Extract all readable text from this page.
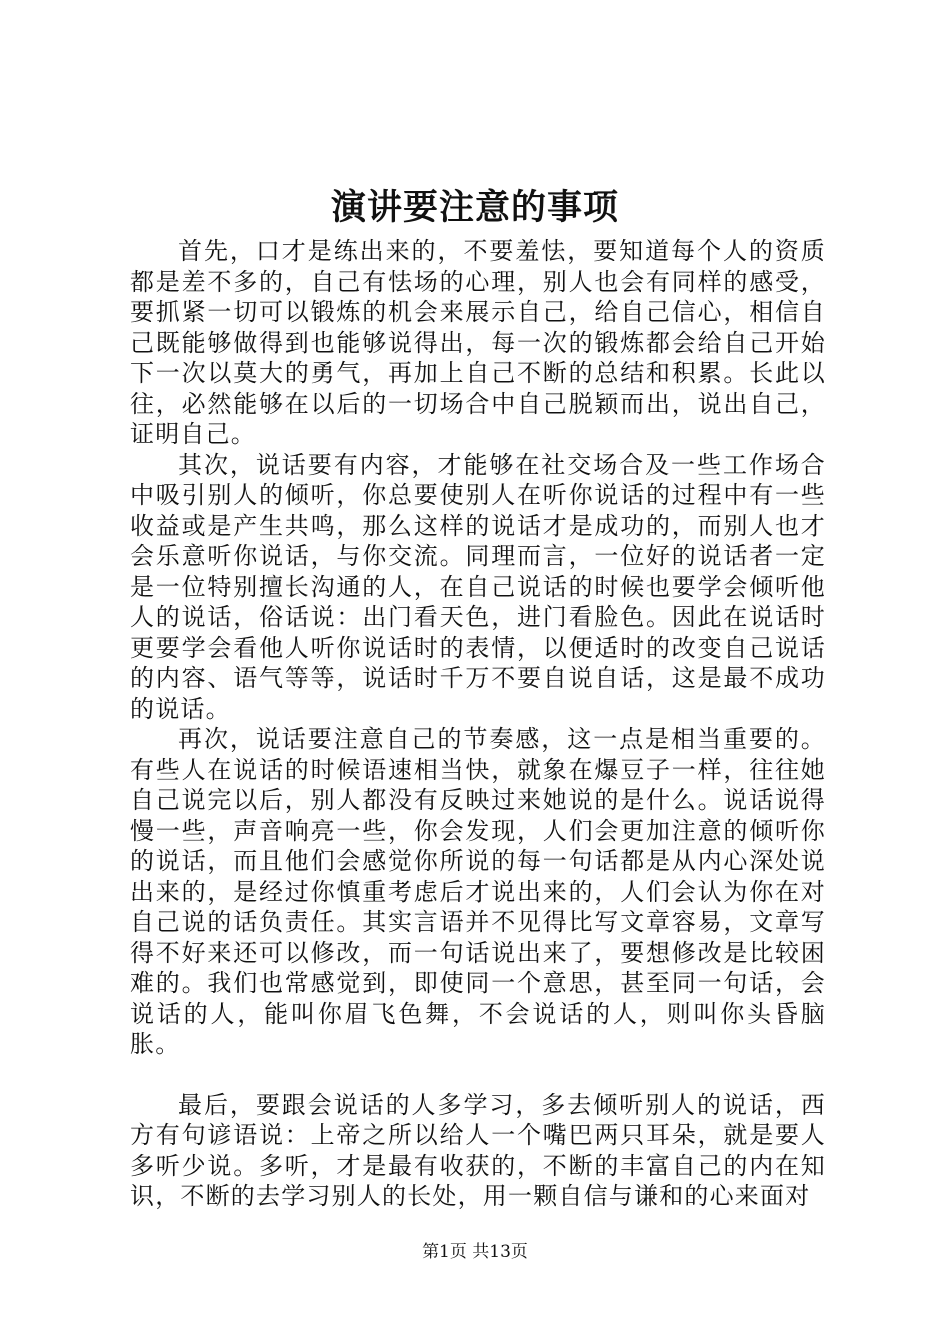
演讲要注意的事项

首先，口才是练出来的，不要羞怯，要知道每个人的资质都是差不多的，自己有怯场的心理，别人也会有同样的感受，要抓紧一切可以锻炼的机会来展示自己，给自己信心，相信自己既能够做得到也能够说得出，每一次的锻炼都会给自己开始下一次以莫大的勇气，再加上自己不断的总结和积累。长此以往，必然能够在以后的一切场合中自己脱颖而出，说出自己，证明自己。

其次，说话要有内容，才能够在社交场合及一些工作场合中吸引别人的倾听，你总要使别人在听你说话的过程中有一些收益或是产生共鸣，那么这样的说话才是成功的，而别人也才会乐意听你说话，与你交流。同理而言，一位好的说话者一定是一位特别擅长沟通的人，在自己说话的时候也要学会倾听他人的说话，俗话说：出门看天色，进门看脸色。因此在说话时更要学会看他人听你说话时的表情，以便适时的改变自己说话的内容、语气等等，说话时千万不要自说自话，这是最不成功的说话。

再次，说话要注意自己的节奏感，这一点是相当重要的。有些人在说话的时候语速相当快，就象在爆豆子一样，往往她自己说完以后，别人都没有反映过来她说的是什么。说话说得慢一些，声音响亮一些，你会发现，人们会更加注意的倾听你的说话，而且他们会感觉你所说的每一句话都是从内心深处说出来的，是经过你慎重考虑后才说出来的，人们会认为你在对自己说的话负责任。其实言语并不见得比写文章容易，文章写得不好来还可以修改，而一句话说出来了，要想修改是比较困难的。我们也常感觉到，即使同一个意思，甚至同一句话，会说话的人，能叫你眉飞色舞，不会说话的人，则叫你头昏脑胀。

最后，要跟会说话的人多学习，多去倾听别人的说话，西方有句谚语说：上帝之所以给人一个嘴巴两只耳朵，就是要人多听少说。多听，才是最有收获的，不断的丰富自己的内在知识，不断的去学习别人的长处，用一颗自信与谦和的心来面对

第1页 共13页
